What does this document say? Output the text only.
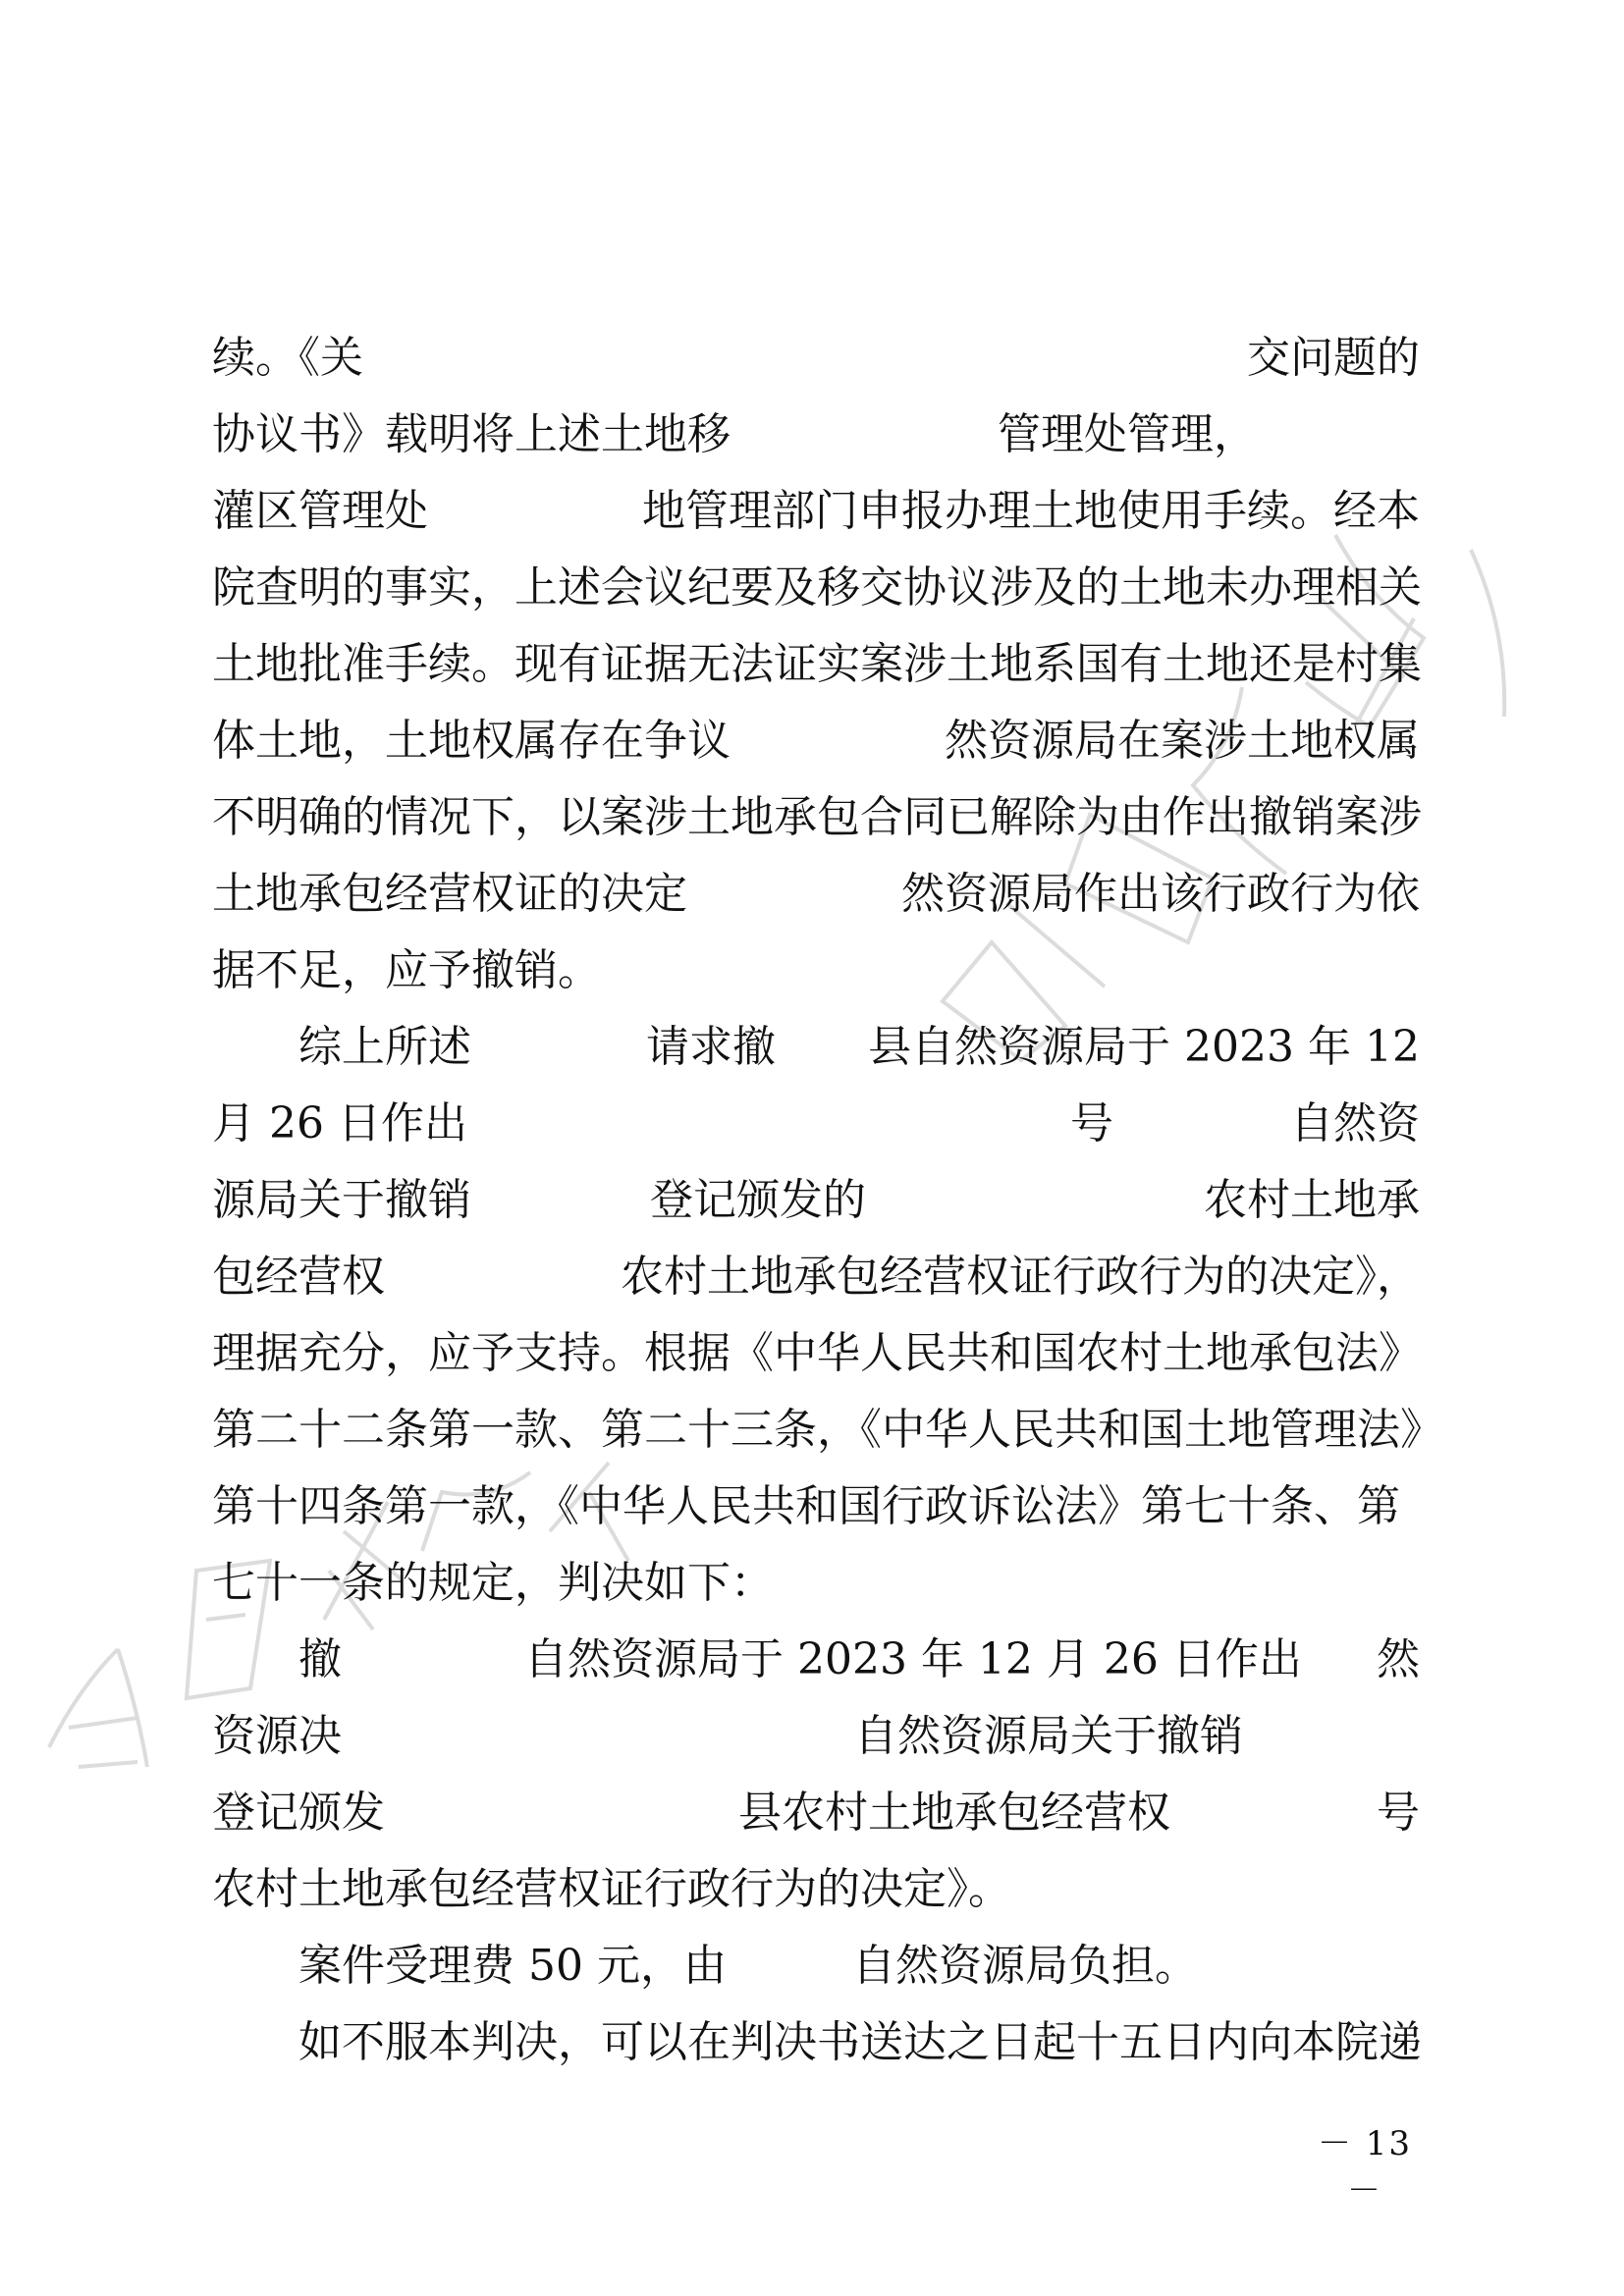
续。《关	交问题的
协议书》载明将上述土地移	管理处管理，
灌区管理处	地管理部门申报办理土地使用手续。经本
院查明的事实，上述会议纪要及移交协议涉及的土地未办理相关
土地批准手续。现有证据无法证实案涉土地系国有土地还是村集
体土地，土地权属存在争议	然资源局在案涉土地权属
不明确的情况下，以案涉土地承包合同已解除为由作出撤销案涉
土地承包经营权证的决定	然资源局作出该行政行为依
据不足，应予撤销。
综上所述	请求撤 县自然资源局于 2023 年 12
月 26 日作出	号	自然资
源局关于撤销	登记颁发的	农村土地承
包经营权	农村土地承包经营权证行政行为的决定》，
理据充分，应予支持。根据《中华人民共和国农村土地承包法》
第二十二条第一款、第二十三条，《中华人民共和国土地管理法》
第十四条第一款，《中华人民共和国行政诉讼法》第七十条、第
七十一条的规定，判决如下：
撤	自然资源局于 2023 年 12 月 26 日作出 然
资源决	自然资源局关于撤销
登记颁发	县农村土地承包经营权	号
农村土地承包经营权证行政行为的决定》。
案件受理费 50 元，由	自然资源局负担。
如不服本判决，可以在判决书送达之日起十五日内向本院递
－ 13 －
